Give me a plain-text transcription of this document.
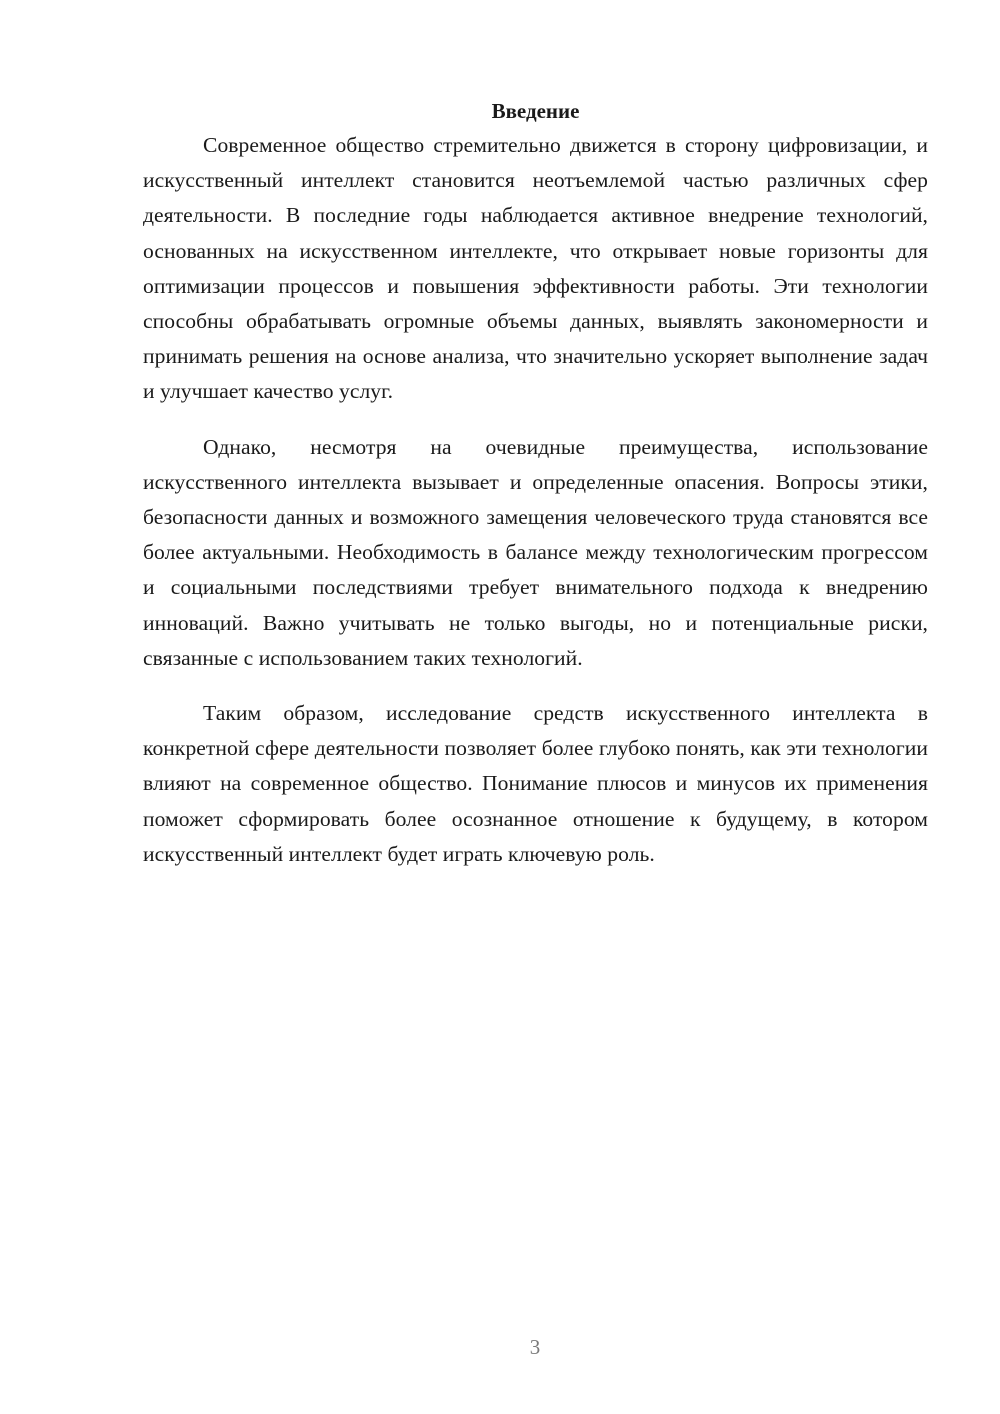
Введение

Современное общество стремительно движется в сторону цифровизации, и искусственный интеллект становится неотъемлемой частью различных сфер деятельности. В последние годы наблюдается активное внедрение технологий, основанных на искусственном интеллекте, что открывает новые горизонты для оптимизации процессов и повышения эффективности работы. Эти технологии способны обрабатывать огромные объемы данных, выявлять закономерности и принимать решения на основе анализа, что значительно ускоряет выполнение задач и улучшает качество услуг.

Однако, несмотря на очевидные преимущества, использование искусственного интеллекта вызывает и определенные опасения. Вопросы этики, безопасности данных и возможного замещения человеческого труда становятся все более актуальными. Необходимость в балансе между технологическим прогрессом и социальными последствиями требует внимательного подхода к внедрению инноваций. Важно учитывать не только выгоды, но и потенциальные риски, связанные с использованием таких технологий.

Таким образом, исследование средств искусственного интеллекта в конкретной сфере деятельности позволяет более глубоко понять, как эти технологии влияют на современное общество. Понимание плюсов и минусов их применения поможет сформировать более осознанное отношение к будущему, в котором искусственный интеллект будет играть ключевую роль.

3
